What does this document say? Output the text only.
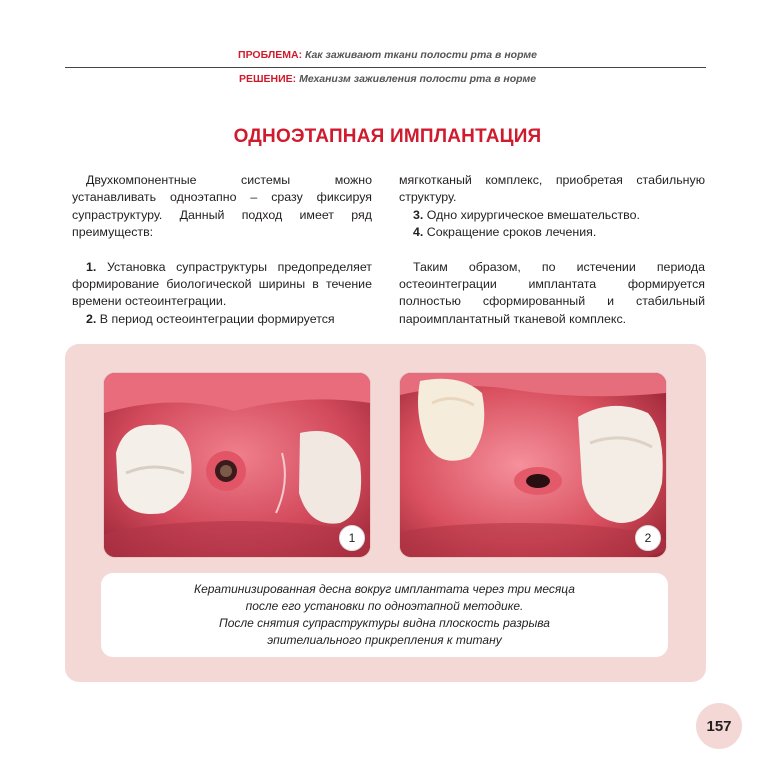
ПРОБЛЕМА: Как заживают ткани полости рта в норме
РЕШЕНИЕ: Механизм заживления полости рта в норме
ОДНОЭТАПНАЯ ИМПЛАНТАЦИЯ

Двухкомпонентные системы можно устанавливать одноэтапно – сразу фиксируя супраструктуру. Данный подход имеет ряд преимуществ:

1. Установка супраструктуры предопределяет формирование биологической ширины в течение времени остеоинтеграции.

2. В период остеоинтеграции формируется

мягкотканый комплекс, приобретая стабильную структуру.

3. Одно хирургическое вмешательство.

4. Сокращение сроков лечения.

Таким образом, по истечении периода остеоинтеграции имплантата формируется полностью сформированный и стабильный пароимплантатный тканевой комплекс.

1	2
Кератинизированная десна вокруг имплантата через три месяца
после его установки по одноэтапной методике.
После снятия супраструктуры видна плоскость разрыва
эпителиального прикрепления к титану
157
